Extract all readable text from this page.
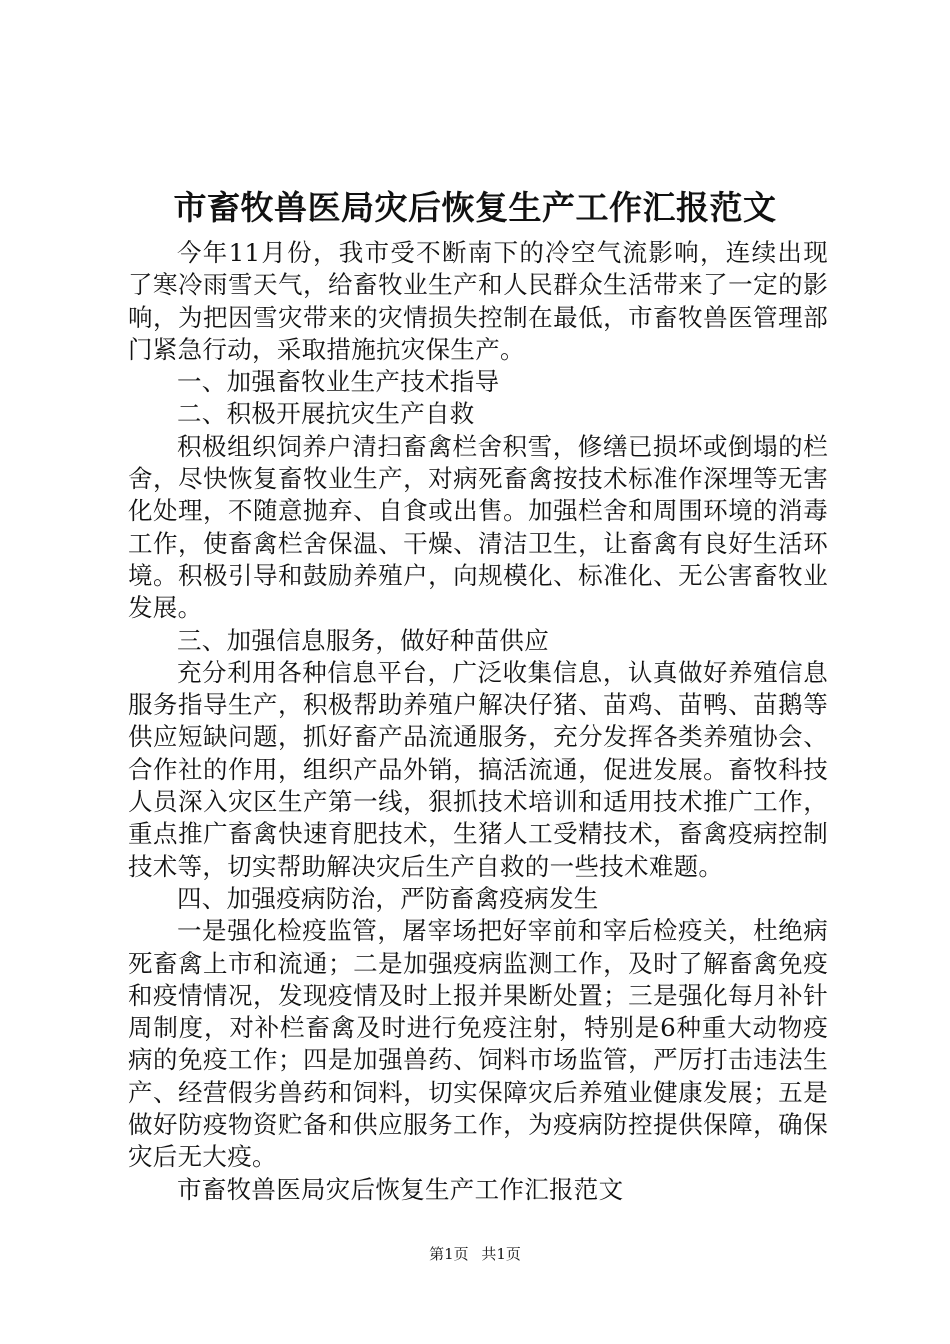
市畜牧兽医局灾后恢复生产工作汇报范文

今年11月份，我市受不断南下的冷空气流影响，连续出现了寒冷雨雪天气，给畜牧业生产和人民群众生活带来了一定的影响，为把因雪灾带来的灾情损失控制在最低，市畜牧兽医管理部门紧急行动，采取措施抗灾保生产。

一、加强畜牧业生产技术指导

二、积极开展抗灾生产自救

积极组织饲养户清扫畜禽栏舍积雪，修缮已损坏或倒塌的栏舍，尽快恢复畜牧业生产，对病死畜禽按技术标准作深埋等无害化处理，不随意抛弃、自食或出售。加强栏舍和周围环境的消毒工作，使畜禽栏舍保温、干燥、清洁卫生，让畜禽有良好生活环境。积极引导和鼓励养殖户，向规模化、标准化、无公害畜牧业发展。

三、加强信息服务，做好种苗供应

充分利用各种信息平台，广泛收集信息，认真做好养殖信息服务指导生产，积极帮助养殖户解决仔猪、苗鸡、苗鸭、苗鹅等供应短缺问题，抓好畜产品流通服务，充分发挥各类养殖协会、合作社的作用，组织产品外销，搞活流通，促进发展。畜牧科技人员深入灾区生产第一线，狠抓技术培训和适用技术推广工作，重点推广畜禽快速育肥技术，生猪人工受精技术，畜禽疫病控制技术等，切实帮助解决灾后生产自救的一些技术难题。

四、加强疫病防治，严防畜禽疫病发生

一是强化检疫监管，屠宰场把好宰前和宰后检疫关，杜绝病死畜禽上市和流通；二是加强疫病监测工作，及时了解畜禽免疫和疫情情况，发现疫情及时上报并果断处置；三是强化每月补针周制度，对补栏畜禽及时进行免疫注射，特别是6种重大动物疫病的免疫工作；四是加强兽药、饲料市场监管，严厉打击违法生产、经营假劣兽药和饲料，切实保障灾后养殖业健康发展；五是做好防疫物资贮备和供应服务工作，为疫病防控提供保障，确保灾后无大疫。

市畜牧兽医局灾后恢复生产工作汇报范文

第1页 共1页
